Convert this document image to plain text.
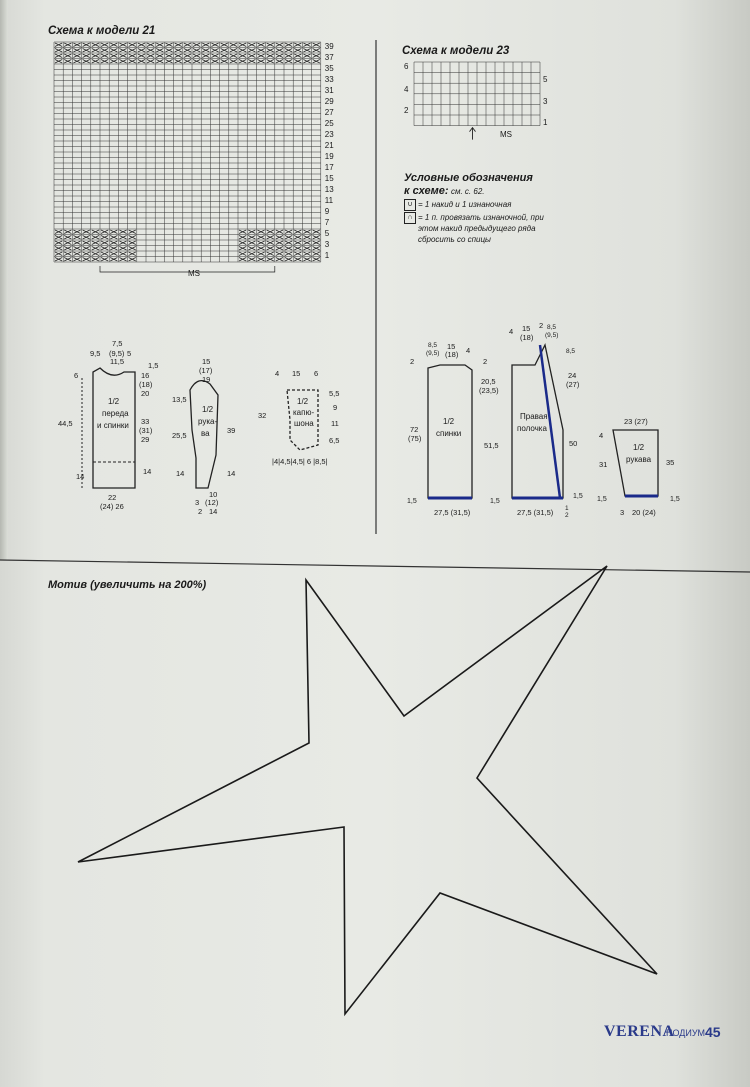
Схема к модели 21
39
37
35
33
31
29
27
25
23
21
19
17
15
13
11
9
7
5
3
1
MS
Схема к модели 23
6
4
2
5
3
1
MS
Условные обозначения
к схеме: см. с. 62.
∪ = 1 накид и 1 изнаночная
∩ = 1 п. провязать изнаночной, при
этом накид предыдущего ряда
сбросить со спицы
9,5
7,5
(9,5)
11,5
5
1,5
16
(18)
20
6
44,5
1/2
переда
и спинки 33
(31)
29
14
14
22
(24) 26
15
(17)
19
13,5
25,5
1/2
рука-
ва 39
14	14
10
(12)
14
3
2
4 15 6
32
5,5
9
11
6,5
1/2
капю-
шона
|4|4,5|4,5| 6 |8,5|
8,5
(9,5)
15
(18) 4
2	2
20,5
(23,5)
72
(75)
1/2
спинки
51,5
1,5	1,5
27,5 (31,5)
4 15
(18)
2 8,5
(9,5)
8,5
24
(27)
Правая
полочка
50
1,5
27,5 (31,5) 1
2
23 (27)
4
31
1/2
рукава 35
1,5	1,5
3 20 (24)
Мотив (увеличить на 200%)
VERENA
ПОДИУМ 45
